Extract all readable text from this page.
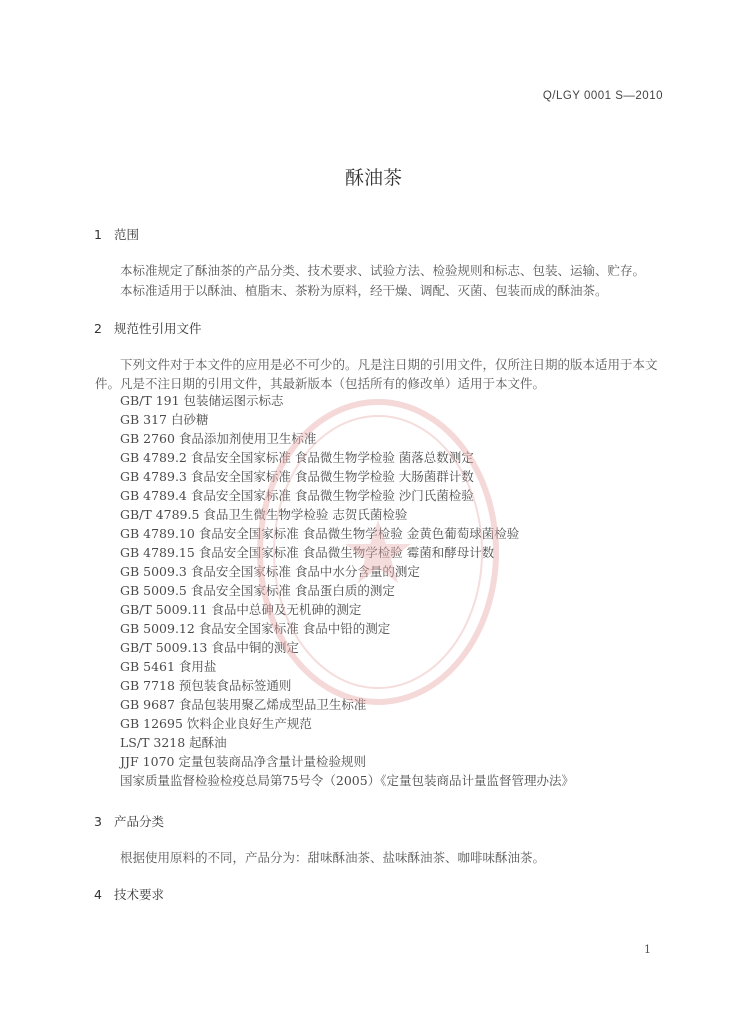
Q/LGY 0001 S—2010
酥油茶
1 范围
本标准规定了酥油茶的产品分类、技术要求、试验方法、检验规则和标志、包装、运输、贮存。
本标准适用于以酥油、植脂末、茶粉为原料，经干燥、调配、灭菌、包装而成的酥油茶。
2 规范性引用文件
下列文件对于本文件的应用是必不可少的。凡是注日期的引用文件，仅所注日期的版本适用于本文
件。凡是不注日期的引用文件，其最新版本（包括所有的修改单）适用于本文件。
GB/T 191 包装储运图示标志
GB 317 白砂糖
GB 2760 食品添加剂使用卫生标准
GB 4789.2 食品安全国家标准 食品微生物学检验 菌落总数测定
GB 4789.3 食品安全国家标准 食品微生物学检验 大肠菌群计数
GB 4789.4 食品安全国家标准 食品微生物学检验 沙门氏菌检验
GB/T 4789.5 食品卫生微生物学检验 志贺氏菌检验
GB 4789.10 食品安全国家标准 食品微生物学检验 金黄色葡萄球菌检验
GB 4789.15 食品安全国家标准 食品微生物学检验 霉菌和酵母计数
GB 5009.3 食品安全国家标准 食品中水分含量的测定
GB 5009.5 食品安全国家标准 食品蛋白质的测定
GB/T 5009.11 食品中总砷及无机砷的测定
GB 5009.12 食品安全国家标准 食品中铅的测定
GB/T 5009.13 食品中铜的测定
GB 5461 食用盐
GB 7718 预包装食品标签通则
GB 9687 食品包装用聚乙烯成型品卫生标准
GB 12695 饮料企业良好生产规范
LS/T 3218 起酥油
JJF 1070 定量包装商品净含量计量检验规则
国家质量监督检验检疫总局第75号令（2005）《定量包装商品计量监督管理办法》
3 产品分类
根据使用原料的不同，产品分为：甜味酥油茶、盐味酥油茶、咖啡味酥油茶。
4 技术要求
1
